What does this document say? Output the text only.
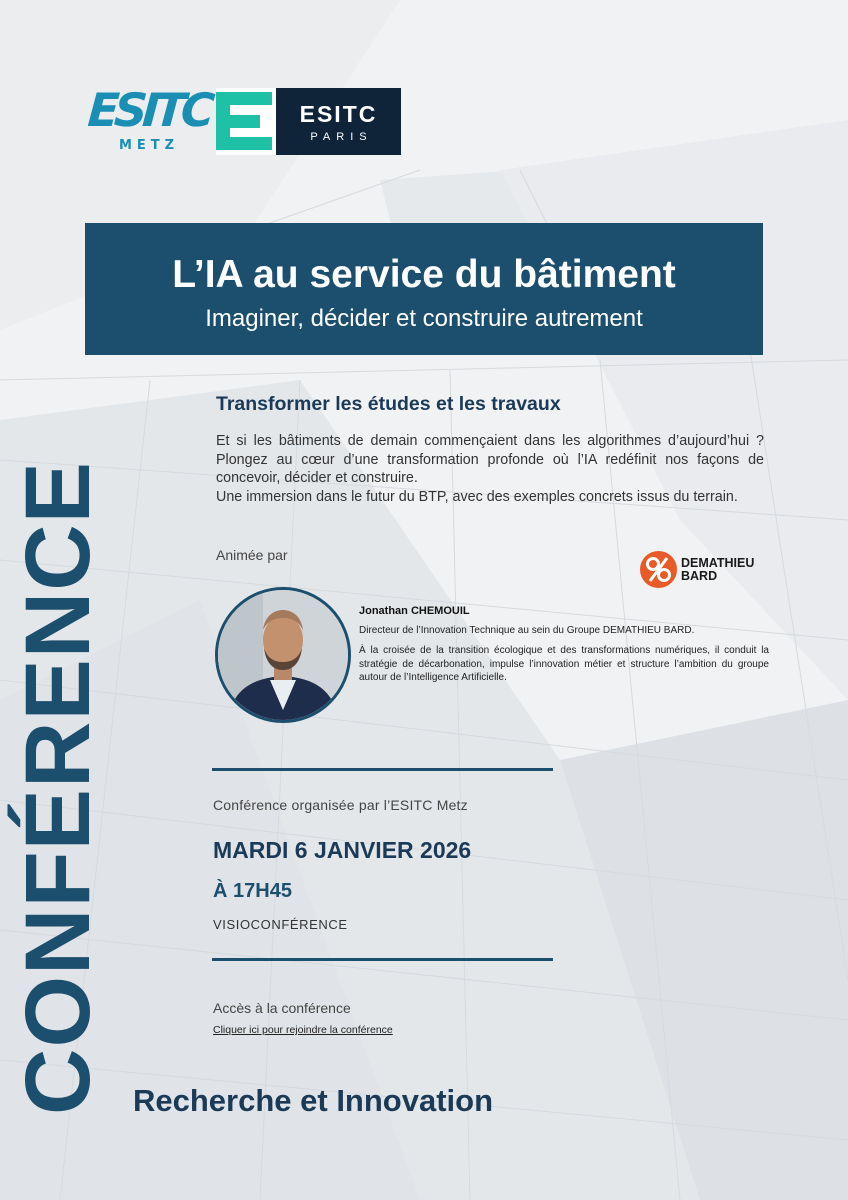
ESITC
METZ
ESITC
PARIS
L’IA au service du bâtiment
Imaginer, décider et construire autrement
Transformer les études et les travaux

Et si les bâtiments de demain commençaient dans les algorithmes d’aujourd’hui ? Plongez au cœur d’une transformation profonde où l’IA redéfinit nos façons de concevoir, décider et construire.

Une immersion dans le futur du BTP, avec des exemples concrets issus du terrain.

Animée par	DEMATHIEU
BARD
Jonathan CHEMOUIL
Directeur de l’Innovation Technique au sein du Groupe DEMATHIEU BARD.
À la croisée de la transition écologique et des transformations numériques, il conduit la stratégie de décarbonation, impulse l’innovation métier et structure l’ambition du groupe autour de l’Intelligence Artificielle.
Conférence organisée par l’ESITC Metz
MARDI 6 JANVIER 2026
À 17H45
VISIOCONFÉRENCE
Accès à la conférence
Cliquer ici pour rejoindre la conférence
CONFÉRENCE Recherche et Innovation
